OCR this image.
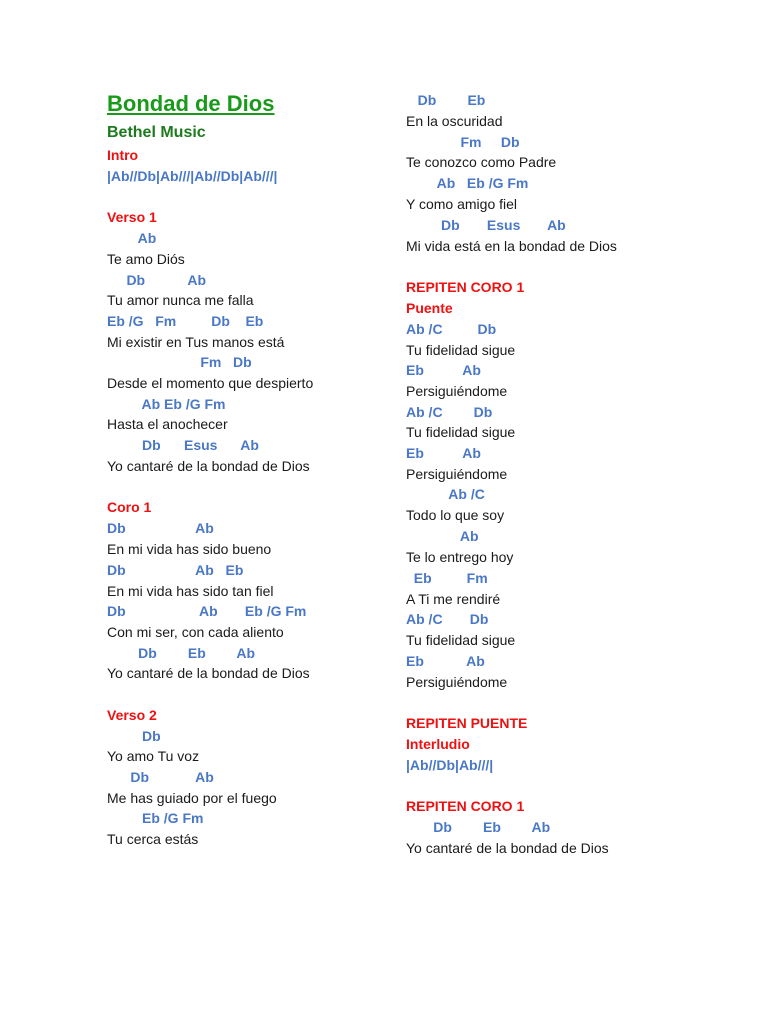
Bondad de Dios
Bethel Music
Intro
|Ab//Db|Ab///|Ab//Db|Ab///|
Verso 1
Ab
Te amo Diós
Db           Ab
Tu amor nunca me falla
Eb /G   Fm         Db    Eb
Mi existir en Tus manos está
Fm   Db
Desde el momento que despierto
Ab Eb /G Fm
Hasta el anochecer
Db      Esus      Ab
Yo cantaré de la bondad de Dios
Coro 1
Db                  Ab
En mi vida has sido bueno
Db                  Ab   Eb
En mi vida has sido tan fiel
Db                   Ab       Eb /G Fm
Con mi ser, con cada aliento
Db        Eb        Ab
Yo cantaré de la bondad de Dios
Verso 2
Db
Yo amo Tu voz
Db            Ab
Me has guiado por el fuego
Eb /G Fm
Tu cerca estás
Db        Eb
En la oscuridad
Fm     Db
Te conozco como Padre
Ab   Eb /G Fm
Y como amigo fiel
Db       Esus       Ab
Mi vida está en la bondad de Dios
REPITEN CORO 1
Puente
Ab /C         Db
Tu fidelidad sigue
Eb          Ab
Persiguiéndome
Ab /C        Db
Tu fidelidad sigue
Eb          Ab
Persiguiéndome
Ab /C
Todo lo que soy
Ab
Te lo entrego hoy
Eb         Fm
A Ti me rendiré
Ab /C       Db
Tu fidelidad sigue
Eb           Ab
Persiguiéndome
REPITEN PUENTE
Interludio
|Ab//Db|Ab///|
REPITEN CORO 1
Db        Eb        Ab
Yo cantaré de la bondad de Dios
